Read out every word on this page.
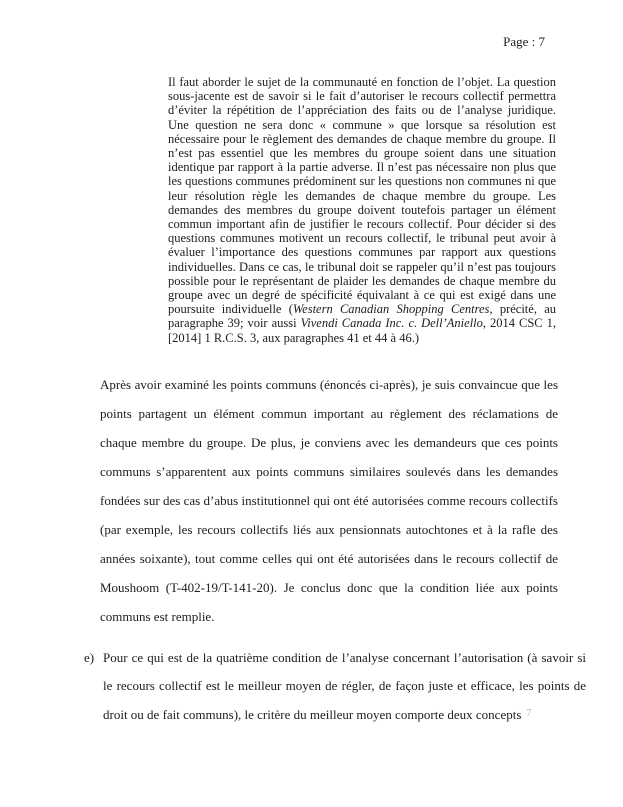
Page : 7
Il faut aborder le sujet de la communauté en fonction de l’objet. La question sous-jacente est de savoir si le fait d’autoriser le recours collectif permettra d’éviter la répétition de l’appréciation des faits ou de l’analyse juridique. Une question ne sera donc « commune » que lorsque sa résolution est nécessaire pour le règlement des demandes de chaque membre du groupe. Il n’est pas essentiel que les membres du groupe soient dans une situation identique par rapport à la partie adverse. Il n’est pas nécessaire non plus que les questions communes prédominent sur les questions non communes ni que leur résolution règle les demandes de chaque membre du groupe. Les demandes des membres du groupe doivent toutefois partager un élément commun important afin de justifier le recours collectif. Pour décider si des questions communes motivent un recours collectif, le tribunal peut avoir à évaluer l’importance des questions communes par rapport aux questions individuelles. Dans ce cas, le tribunal doit se rappeler qu’il n’est pas toujours possible pour le représentant de plaider les demandes de chaque membre du groupe avec un degré de spécificité équivalant à ce qui est exigé dans une poursuite individuelle (Western Canadian Shopping Centres, précité, au paragraphe 39; voir aussi Vivendi Canada Inc. c. Dell’Aniello, 2014 CSC 1, [2014] 1 R.C.S. 3, aux paragraphes 41 et 44 à 46.)

Après avoir examiné les points communs (énoncés ci-après), je suis convaincue que les points partagent un élément commun important au règlement des réclamations de chaque membre du groupe. De plus, je conviens avec les demandeurs que ces points communs s’apparentent aux points communs similaires soulevés dans les demandes fondées sur des cas d’abus institutionnel qui ont été autorisées comme recours collectifs (par exemple, les recours collectifs liés aux pensionnats autochtones et à la rafle des années soixante), tout comme celles qui ont été autorisées dans le recours collectif de Moushoom (T-402-19/T-141-20). Je conclus donc que la condition liée aux points communs est remplie.

e) Pour ce qui est de la quatrième condition de l’analyse concernant l’autorisation (à savoir si le recours collectif est le meilleur moyen de régler, de façon juste et efficace, les points de droit ou de fait communs), le critère du meilleur moyen comporte deux concepts $^7$
